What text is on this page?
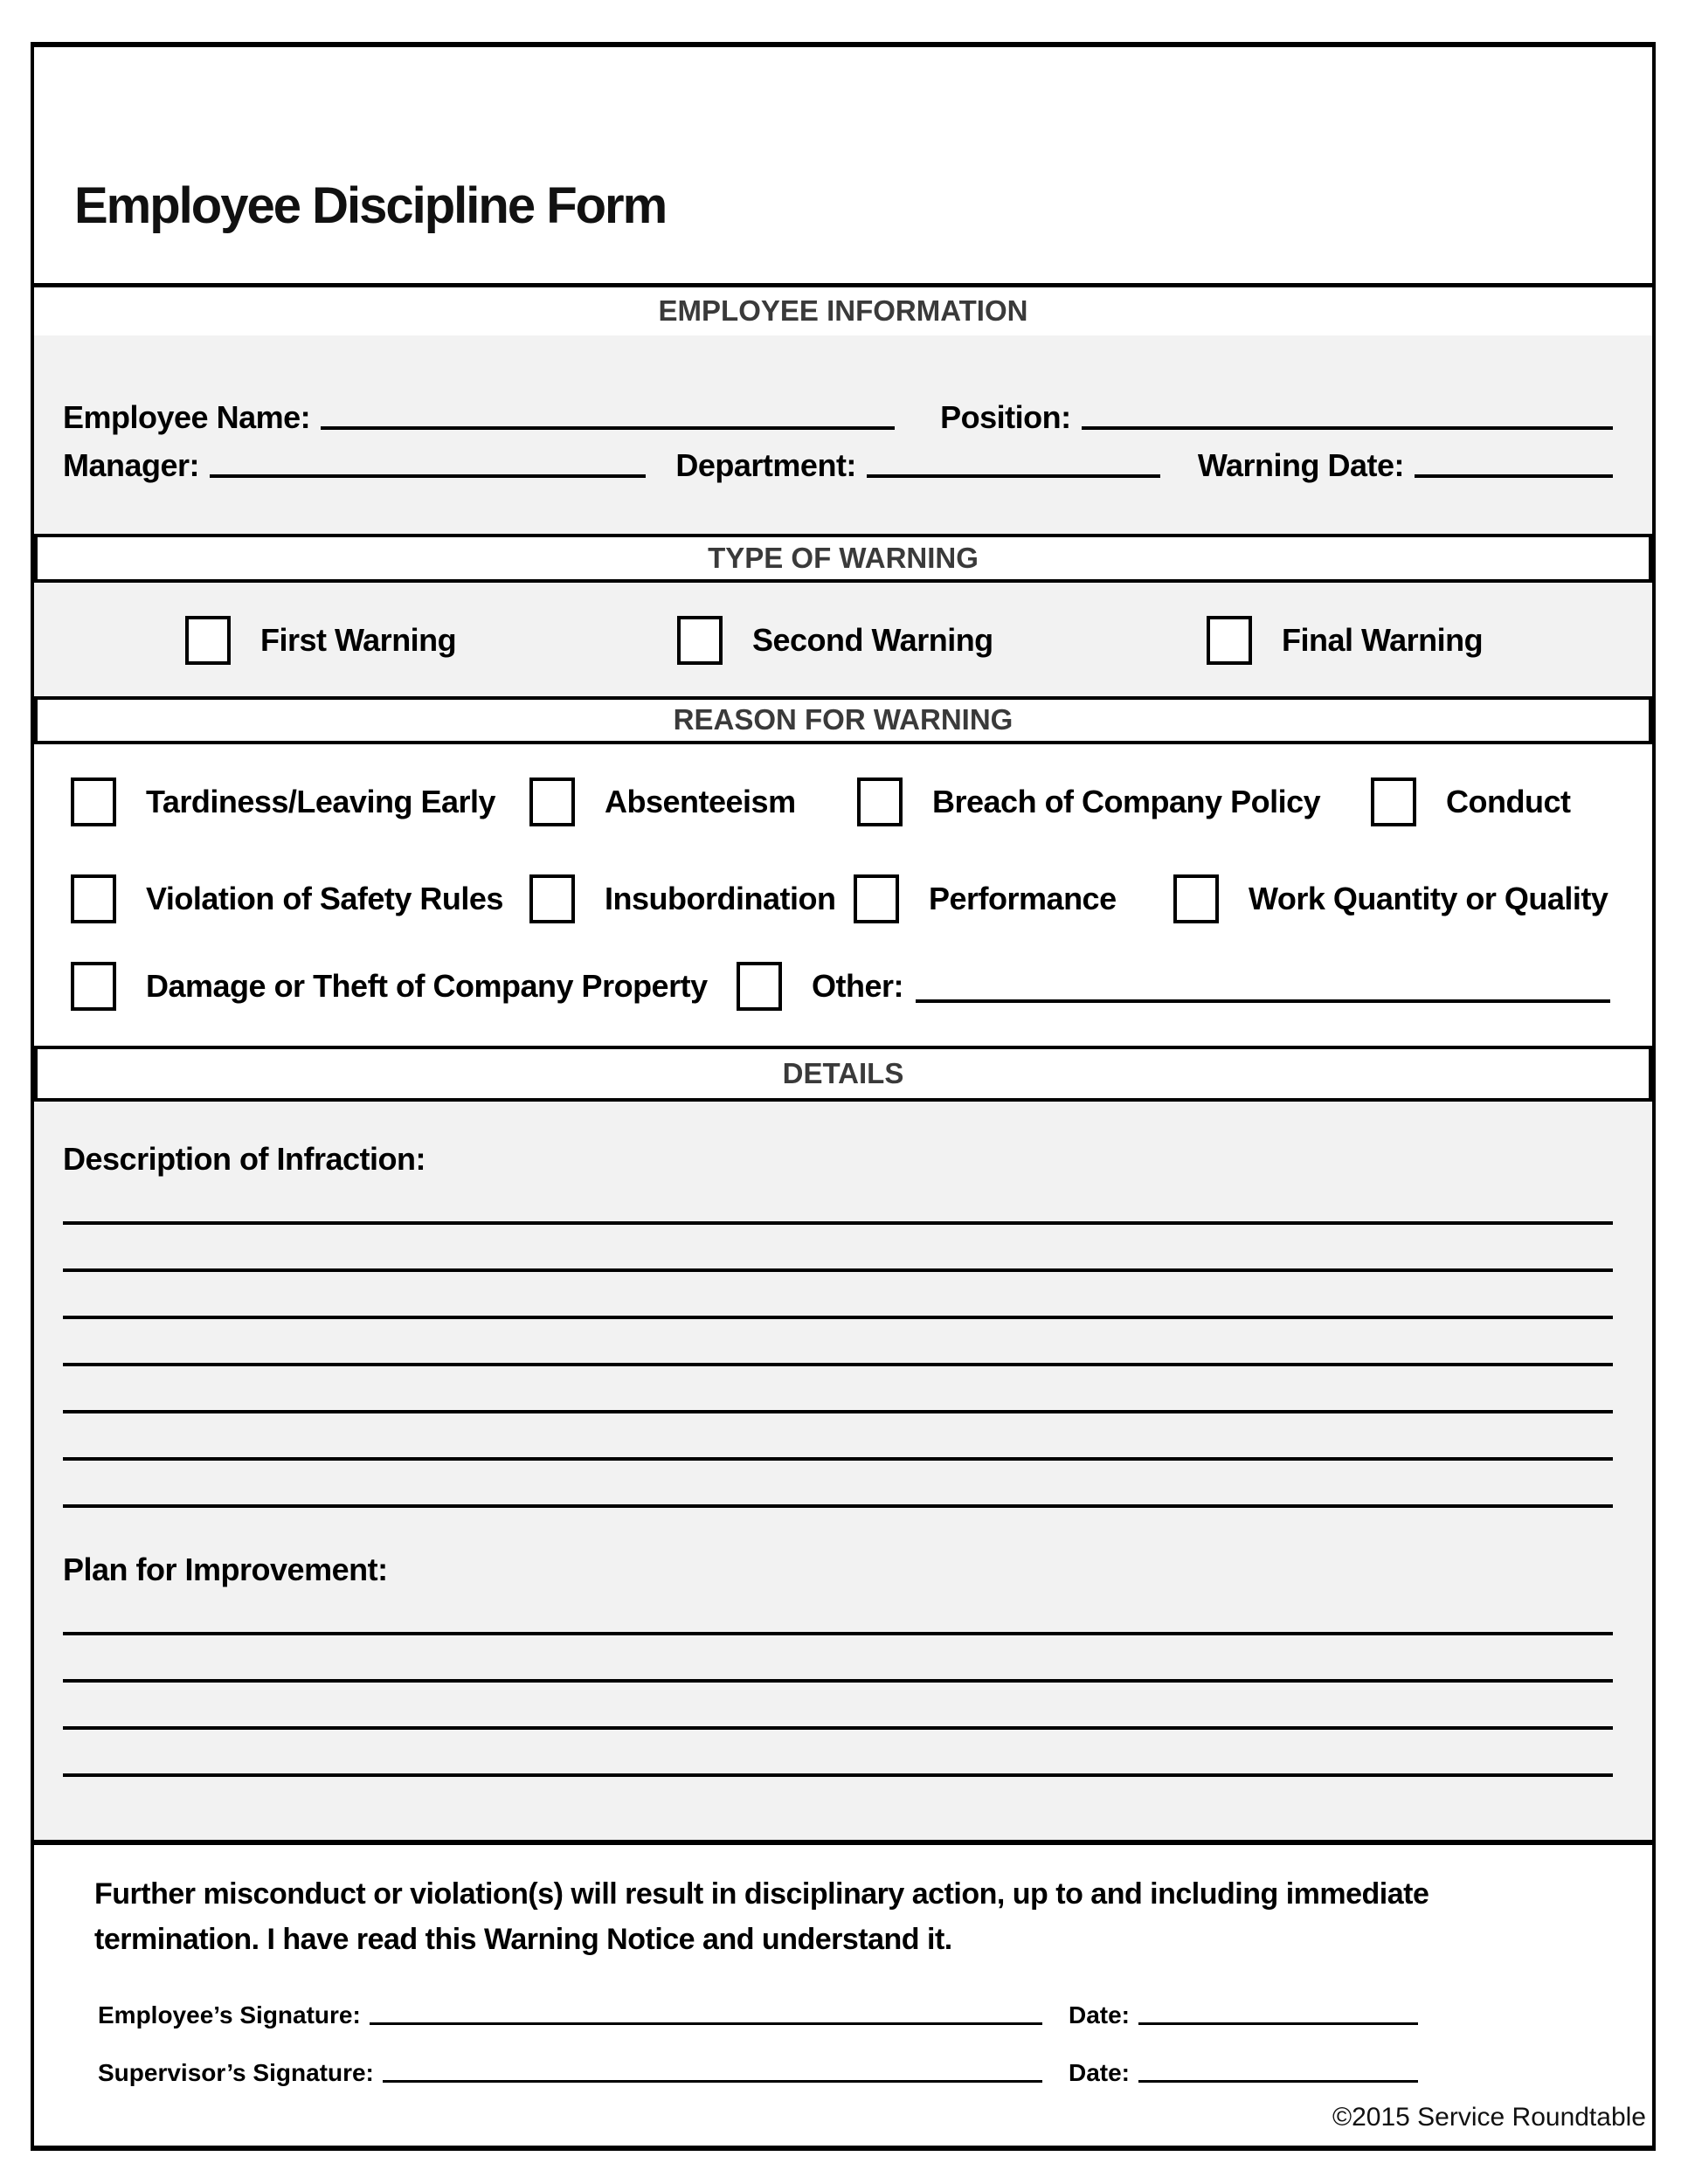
Employee Discipline Form
EMPLOYEE INFORMATION
Employee Name:	Position:
Manager:	Department:	Warning Date:
TYPE OF WARNING
First Warning	Second Warning	Final Warning
REASON FOR WARNING
Tardiness/Leaving Early	Absenteeism	Breach of Company Policy	Conduct
Violation of Safety Rules	Insubordination	Performance	Work Quantity or Quality
Damage or Theft of Company Property	Other:
DETAILS
Description of Infraction:
Plan for Improvement:
Further misconduct or violation(s) will result in disciplinary action, up to and including immediate
termination. I have read this Warning Notice and understand it.
Employee’s Signature:	Date:
Supervisor’s Signature:	Date:
©2015 Service Roundtable
